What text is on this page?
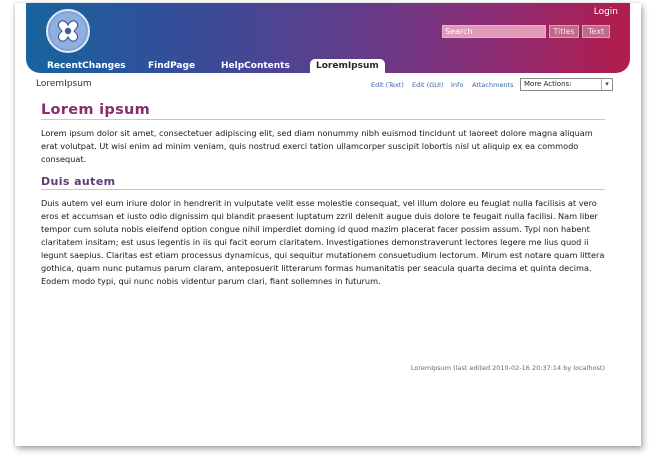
Login
Search
Titles	Text
RecentChanges FindPage	HelpContents	LoremIpsum
LoremIpsum	Edit (Text) Edit (GUI) Info Attachments	More Actions:	▾
Lorem ipsum

Lorem ipsum dolor sit amet, consectetuer adipiscing elit, sed diam nonummy nibh euismod tincidunt ut laoreet dolore magna aliquam erat volutpat. Ut wisi enim ad minim veniam, quis nostrud exerci tation ullamcorper suscipit lobortis nisl ut aliquip ex ea commodo consequat.

Duis autem

Duis autem vel eum iriure dolor in hendrerit in vulputate velit esse molestie consequat, vel illum dolore eu feugiat nulla facilisis at vero eros et accumsan et iusto odio dignissim qui blandit praesent luptatum zzril delenit augue duis dolore te feugait nulla facilisi. Nam liber tempor cum soluta nobis eleifend option congue nihil imperdiet doming id quod mazim placerat facer possim assum. Typi non habent claritatem insitam; est usus legentis in iis qui facit eorum claritatem. Investigationes demonstraverunt lectores legere me lius quod ii legunt saepius. Claritas est etiam processus dynamicus, qui sequitur mutationem consuetudium lectorum. Mirum est notare quam littera gothica, quam nunc putamus parum claram, anteposuerit litterarum formas humanitatis per seacula quarta decima et quinta decima. Eodem modo typi, qui nunc nobis videntur parum clari, fiant sollemnes in futurum.

LoremIpsum (last edited 2010-02-16 20:37:14 by localhost)
